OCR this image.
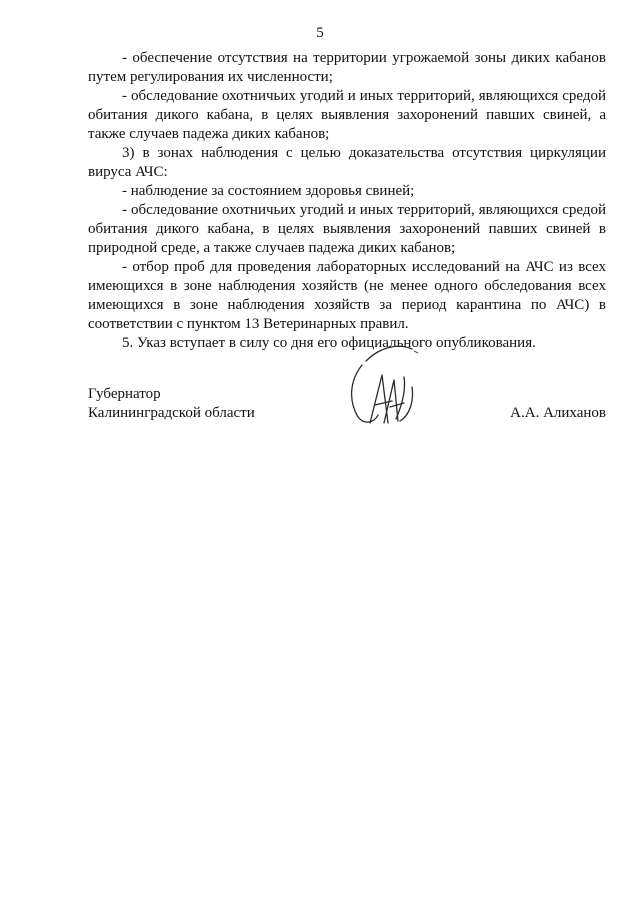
5

- обеспечение отсутствия на территории угрожаемой зоны диких кабанов путем регулирования их численности;

- обследование охотничьих угодий и иных территорий, являющихся средой обитания дикого кабана, в целях выявления захоронений павших свиней, а также случаев падежа диких кабанов;

3) в зонах наблюдения с целью доказательства отсутствия циркуляции вируса АЧС:

- наблюдение за состоянием здоровья свиней;

- обследование охотничьих угодий и иных территорий, являющихся средой обитания дикого кабана, в целях выявления захоронений павших свиней в природной среде, а также случаев падежа диких кабанов;

- отбор проб для проведения лабораторных исследований на АЧС из всех имеющихся в зоне наблюдения хозяйств (не менее одного обследования всех имеющихся в зоне наблюдения хозяйств за период карантина по АЧС) в соответствии с пунктом 13 Ветеринарных правил.

5. Указ вступает в силу со дня его официального опубликования.

Губернатор
Калининградской области	А.А. Алиханов
